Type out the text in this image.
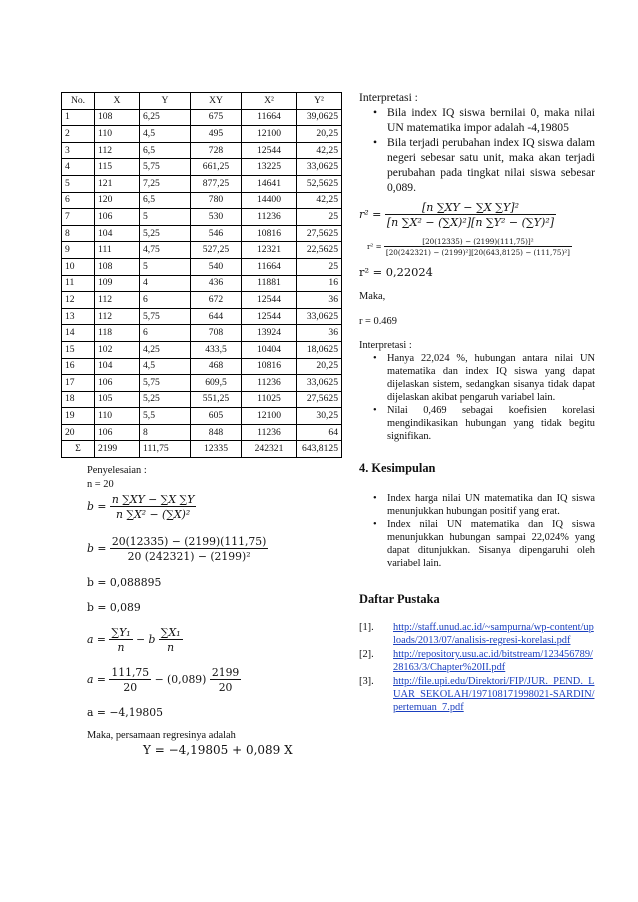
No.	X	Y	XY	X²	Y²
1	108	6,25	675	11664	39,0625
2	110	4,5	495	12100	20,25
3	112	6,5	728	12544	42,25
4	115	5,75	661,25	13225	33,0625
5	121	7,25	877,25	14641	52,5625
6	120	6,5	780	14400	42,25
7	106	5	530	11236	25
8	104	5,25	546	10816	27,5625
9	111	4,75	527,25	12321	22,5625
10	108	5	540	11664	25
11	109	4	436	11881	16
12	112	6	672	12544	36
13	112	5,75	644	12544	33,0625
14	118	6	708	13924	36
15	102	4,25	433,5	10404	18,0625
16	104	4,5	468	10816	20,25
17	106	5,75	609,5	11236	33,0625
18	105	5,25	551,25	11025	27,5625
19	110	5,5	605	12100	30,25
20	106	8	848	11236	64
Σ	2199	111,75	12335	242321	643,8125
Penyelesaian :
n = 20
$b = \frac{n \sum XY - \sum X \sum Y}{\text{n ∑X² − (∑X)²}}$
$b = \frac{20(12335) - (2199)(111,75)}{\text{20 (242321) − (2199)²}}$
b = 0,088895
b = 0,089
$a = \frac{\text{∑Y₁}}{n} - b \frac{\text{∑X₁}}{n}$
$a = \frac{111,75}{20} - (0,089) \frac{2199}{20}$
a = −4,19805
Maka, persamaan regresinya adalah
Y = −4,19805 + 0,089 X
Interpretasi :
• Bila index IQ siswa bernilai 0, maka nilai UN matematika impor adalah -4,19805
• Bila terjadi perubahan index IQ siswa dalam negeri sebesar satu unit, maka akan terjadi perubahan pada tingkat nilai siswa sebesar 0,089.
$r^2 = \frac{\text{[n ∑XY − ∑X ∑Y]²}}{\text{[n ∑X² − (∑X)²][n ∑Y² − (∑Y)²]}}$
$r^2 = \frac{\text{[20(12335) − (2199)(111,75)]²}}{\text{[20(242321) − (2199)²][20(643,8125) − (111,75)²]}}$
r² = 0,22024
Maka,
r = 0.469
Interpretasi :
• Hanya 22,024 %, hubungan antara nilai UN matematika dan index IQ siswa yang dapat dijelaskan sistem, sedangkan sisanya tidak dapat dijelaskan akibat pengaruh variabel lain.
• Nilai 0,469 sebagai koefisien korelasi mengindikasikan hubungan yang tidak begitu signifikan.
4. Kesimpulan
• Index harga nilai UN matematika dan IQ siswa menunjukkan hubungan positif yang erat.
• Index nilai UN matematika dan IQ siswa menunjukkan hubungan sampai 22,024% yang dapat ditunjukkan. Sisanya dipengaruhi oleh variabel lain.
Daftar Pustaka
[1]. http://staff.unud.ac.id/~sampurna/wp-content/uploads/2013/07/analisis-regresi-korelasi.pdf
[2]. http://repository.usu.ac.id/bitstream/123456789/28163/3/Chapter%20II.pdf
[3]. http://file.upi.edu/Direktori/FIP/JUR._PEND._LUAR_SEKOLAH/197108171998021-SARDIN/pertemuan_7.pdf
